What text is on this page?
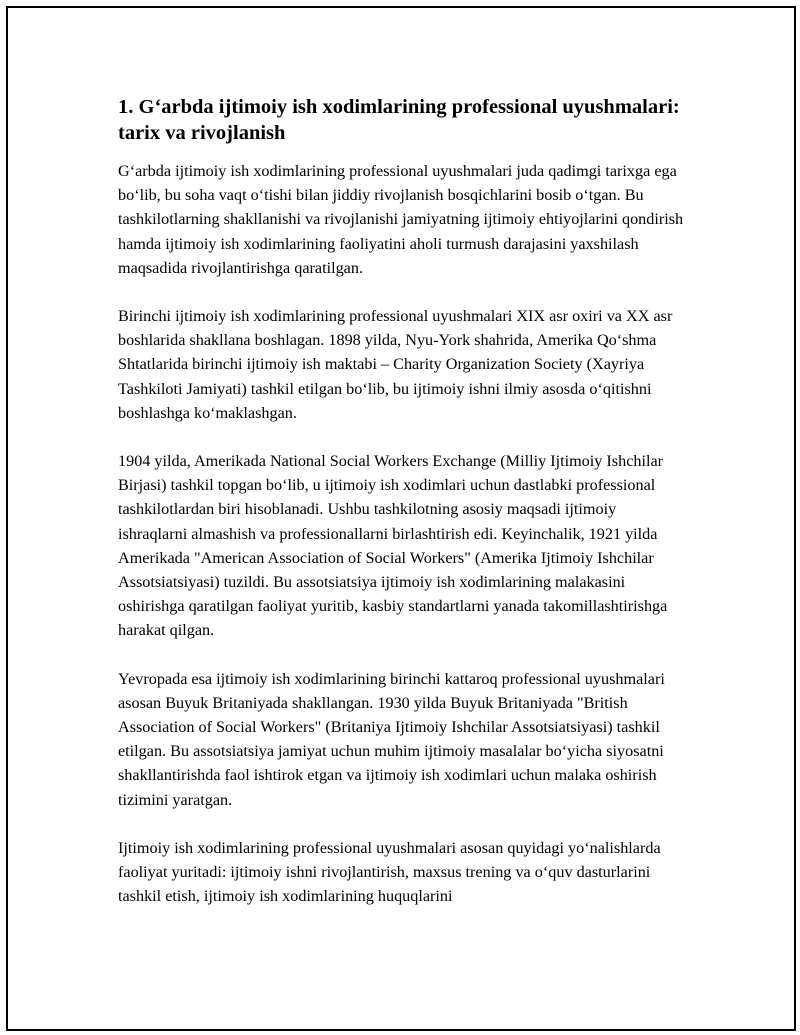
1. G‘arbda ijtimoiy ish xodimlarining professional uyushmalari: tarix va rivojlanish

G‘arbda ijtimoiy ish xodimlarining professional uyushmalari juda qadimgi tarixga ega bo‘lib, bu soha vaqt o‘tishi bilan jiddiy rivojlanish bosqichlarini bosib o‘tgan. Bu tashkilotlarning shakllanishi va rivojlanishi jamiyatning ijtimoiy ehtiyojlarini qondirish hamda ijtimoiy ish xodimlarining faoliyatini aholi turmush darajasini yaxshilash maqsadida rivojlantirishga qaratilgan.

Birinchi ijtimoiy ish xodimlarining professional uyushmalari XIX asr oxiri va XX asr boshlarida shakllana boshlagan. 1898 yilda, Nyu-York shahrida, Amerika Qo‘shma Shtatlarida birinchi ijtimoiy ish maktabi – Charity Organization Society (Xayriya Tashkiloti Jamiyati) tashkil etilgan bo‘lib, bu ijtimoiy ishni ilmiy asosda o‘qitishni boshlashga ko‘maklashgan.

1904 yilda, Amerikada National Social Workers Exchange (Milliy Ijtimoiy Ishchilar Birjasi) tashkil topgan bo‘lib, u ijtimoiy ish xodimlari uchun dastlabki professional tashkilotlardan biri hisoblanadi. Ushbu tashkilotning asosiy maqsadi ijtimoiy ishraqlarni almashish va professionallarni birlashtirish edi. Keyinchalik, 1921 yilda Amerikada "American Association of Social Workers" (Amerika Ijtimoiy Ishchilar Assotsiatsiyasi) tuzildi. Bu assotsiatsiya ijtimoiy ish xodimlarining malakasini oshirishga qaratilgan faoliyat yuritib, kasbiy standartlarni yanada takomillashtirishga harakat qilgan.

Yevropada esa ijtimoiy ish xodimlarining birinchi kattaroq professional uyushmalari asosan Buyuk Britaniyada shakllangan. 1930 yilda Buyuk Britaniyada "British Association of Social Workers" (Britaniya Ijtimoiy Ishchilar Assotsiatsiyasi) tashkil etilgan. Bu assotsiatsiya jamiyat uchun muhim ijtimoiy masalalar bo‘yicha siyosatni shakllantirishda faol ishtirok etgan va ijtimoiy ish xodimlari uchun malaka oshirish tizimini yaratgan.

Ijtimoiy ish xodimlarining professional uyushmalari asosan quyidagi yo‘nalishlarda faoliyat yuritadi: ijtimoiy ishni rivojlantirish, maxsus trening va o‘quv dasturlarini tashkil etish, ijtimoiy ish xodimlarining huquqlarini
